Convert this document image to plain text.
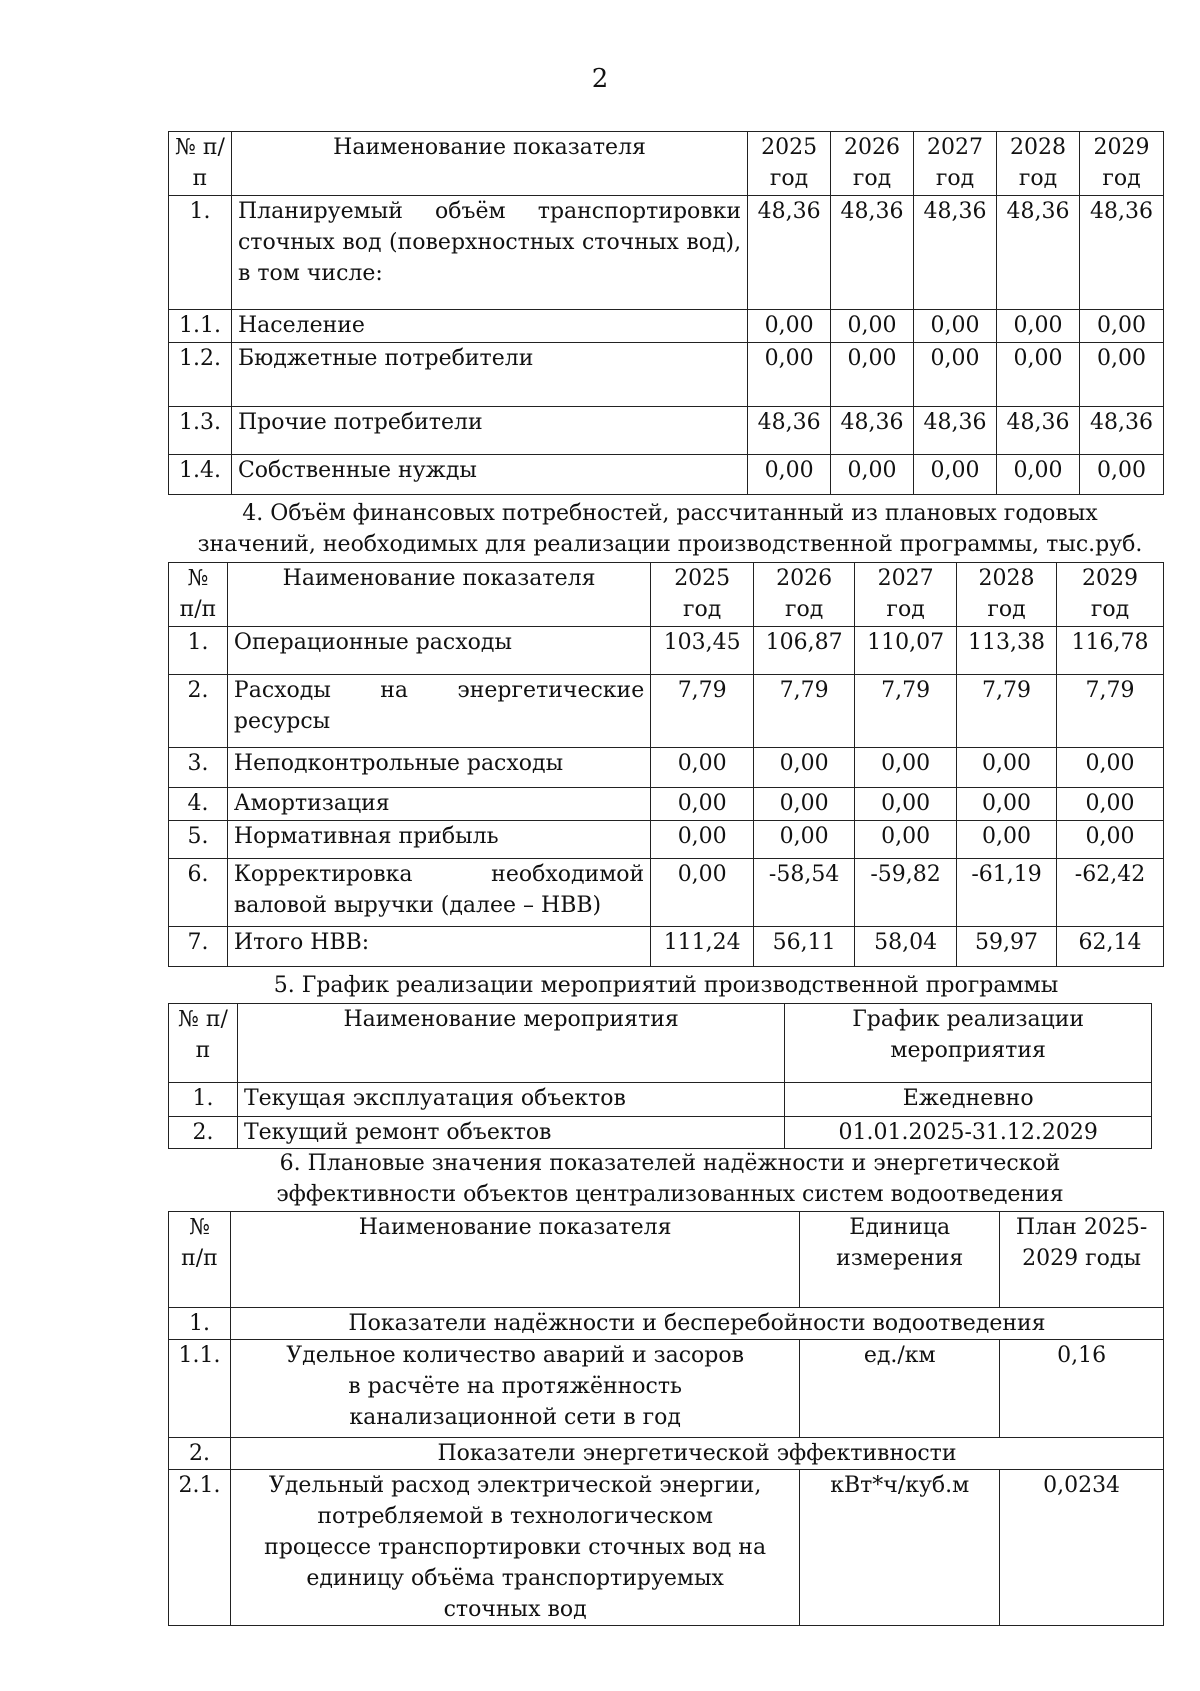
2
№ п/п	Наименование показателя	2025 год	2026 год	2027 год	2028 год	2029 год
1.	Планируемый объём транспортировки сточных вод (поверхностных сточных вод), в том числе:	48,36	48,36	48,36	48,36	48,36
1.1.	Население	0,00	0,00	0,00	0,00	0,00
1.2.	Бюджетные потребители	0,00	0,00	0,00	0,00	0,00
1.3.	Прочие потребители	48,36	48,36	48,36	48,36	48,36
1.4.	Собственные нужды	0,00	0,00	0,00	0,00	0,00
4. Объём финансовых потребностей, рассчитанный из плановых годовых значений, необходимых для реализации производственной программы, тыс.руб.
№ п/п	Наименование показателя	2025 год	2026 год	2027 год	2028 год	2029 год
1.	Операционные расходы	103,45	106,87	110,07	113,38	116,78
2.	Расходы на энергетические ресурсы	7,79	7,79	7,79	7,79	7,79
3.	Неподконтрольные расходы	0,00	0,00	0,00	0,00	0,00
4.	Амортизация	0,00	0,00	0,00	0,00	0,00
5.	Нормативная прибыль	0,00	0,00	0,00	0,00	0,00
6.	Корректировка необходимой валовой выручки (далее – НВВ)	0,00	-58,54	-59,82	-61,19	-62,42
7.	Итого НВВ:	111,24	56,11	58,04	59,97	62,14
5. График реализации мероприятий производственной программы
№ п/п	Наименование мероприятия	График реализации мероприятия
1.	Текущая эксплуатация объектов	Ежедневно
2.	Текущий ремонт объектов	01.01.2025-31.12.2029
6. Плановые значения показателей надёжности и энергетической эффективности объектов централизованных систем водоотведения
№ п/п	Наименование показателя	Единица измерения	План 2025-2029 годы
1.	Показатели надёжности и бесперебойности водоотведения		
1.1.	Удельное количество аварий и засоров в расчёте на протяжённость канализационной сети в год	ед./км	0,16
2.	Показатели энергетической эффективности		
2.1.	Удельный расход электрической энергии, потребляемой в технологическом процессе транспортировки сточных вод на единицу объёма транспортируемых сточных вод	кВт*ч/куб.м	0,0234
